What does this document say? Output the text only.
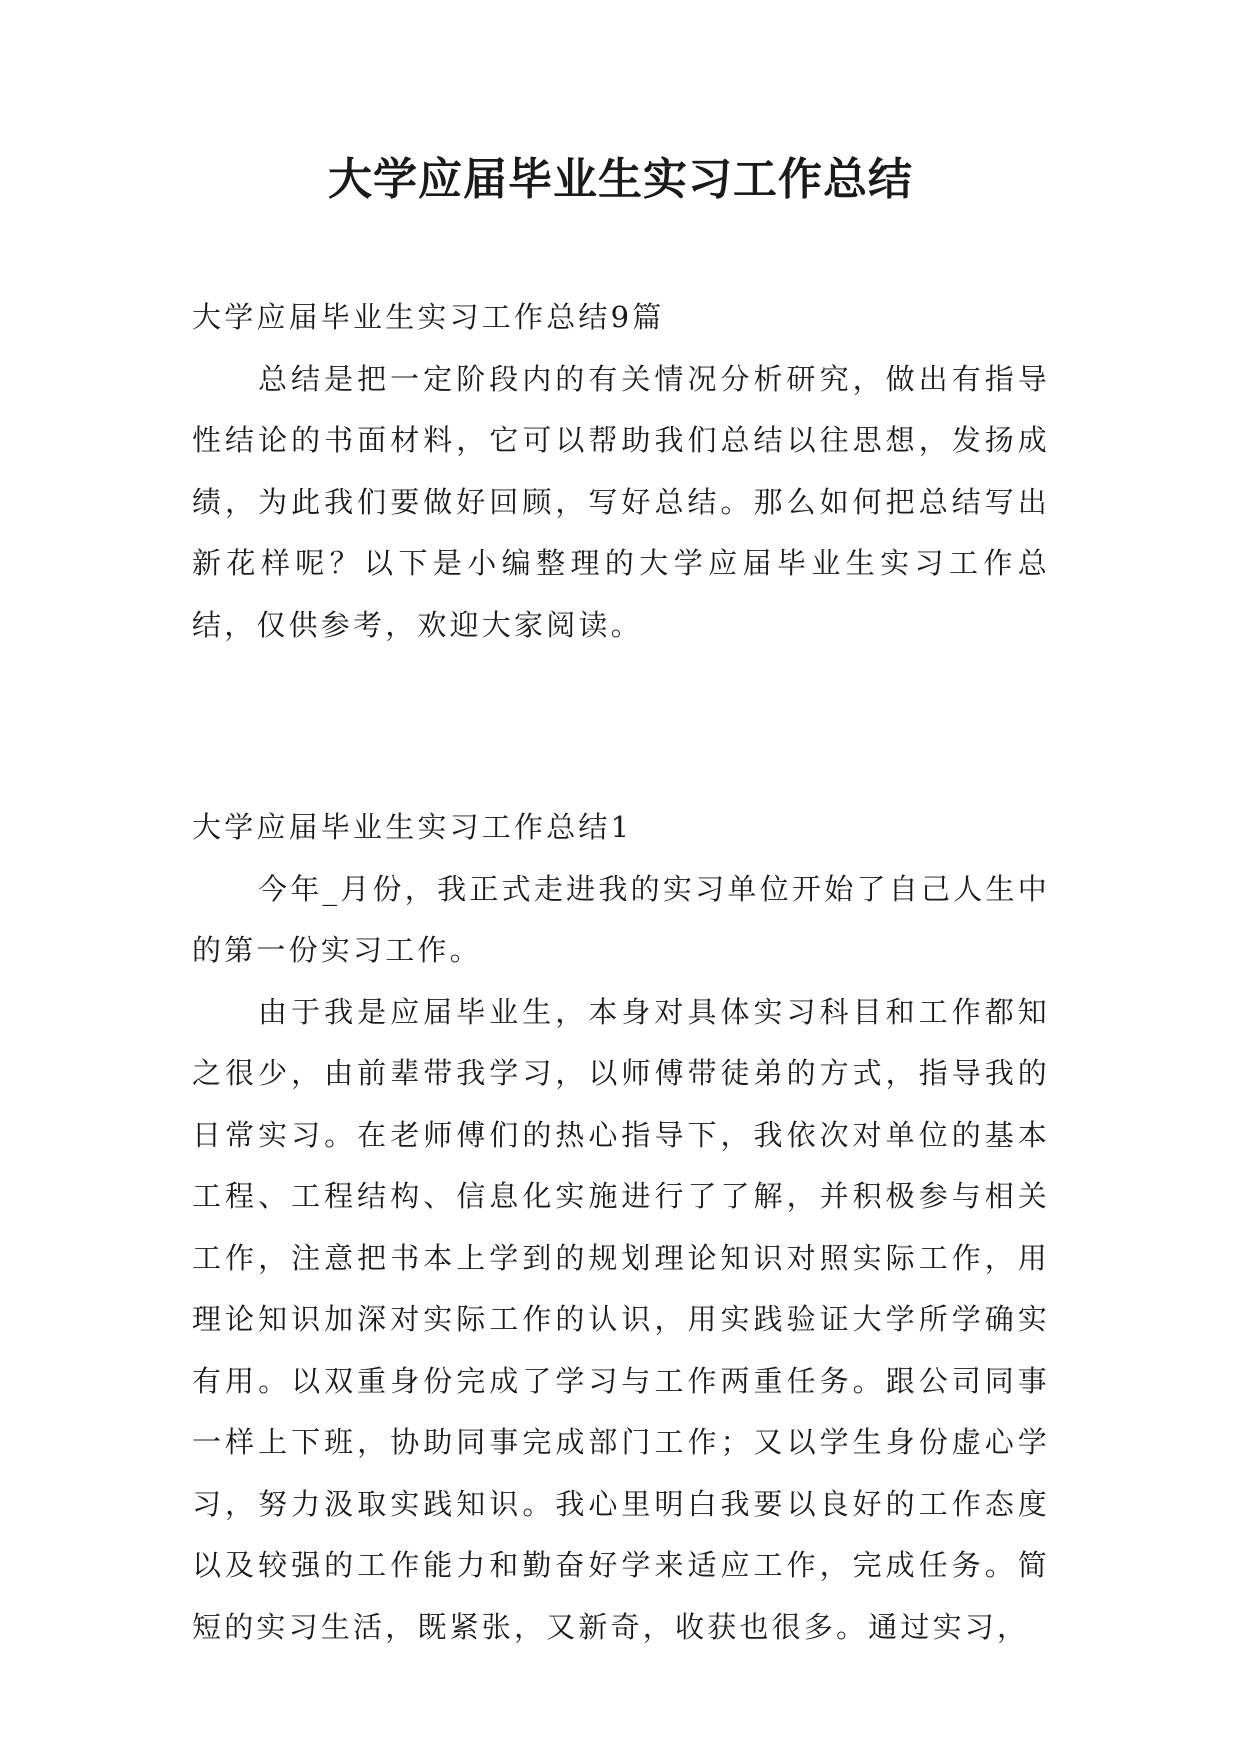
大学应届毕业生实习工作总结

大学应届毕业生实习工作总结9篇

总结是把一定阶段内的有关情况分析研究，做出有指导性结论的书面材料，它可以帮助我们总结以往思想，发扬成绩，为此我们要做好回顾，写好总结。那么如何把总结写出新花样呢？以下是小编整理的大学应届毕业生实习工作总结，仅供参考，欢迎大家阅读。

大学应届毕业生实习工作总结1

今年_月份，我正式走进我的实习单位开始了自己人生中的第一份实习工作。

由于我是应届毕业生，本身对具体实习科目和工作都知之很少，由前辈带我学习，以师傅带徒弟的方式，指导我的日常实习。在老师傅们的热心指导下，我依次对单位的基本工程、工程结构、信息化实施进行了了解，并积极参与相关工作，注意把书本上学到的规划理论知识对照实际工作，用理论知识加深对实际工作的认识，用实践验证大学所学确实有用。以双重身份完成了学习与工作两重任务。跟公司同事一样上下班，协助同事完成部门工作；又以学生身份虚心学习，努力汲取实践知识。我心里明白我要以良好的工作态度以及较强的工作能力和勤奋好学来适应工作，完成任务。简短的实习生活，既紧张，又新奇，收获也很多。通过实习，
